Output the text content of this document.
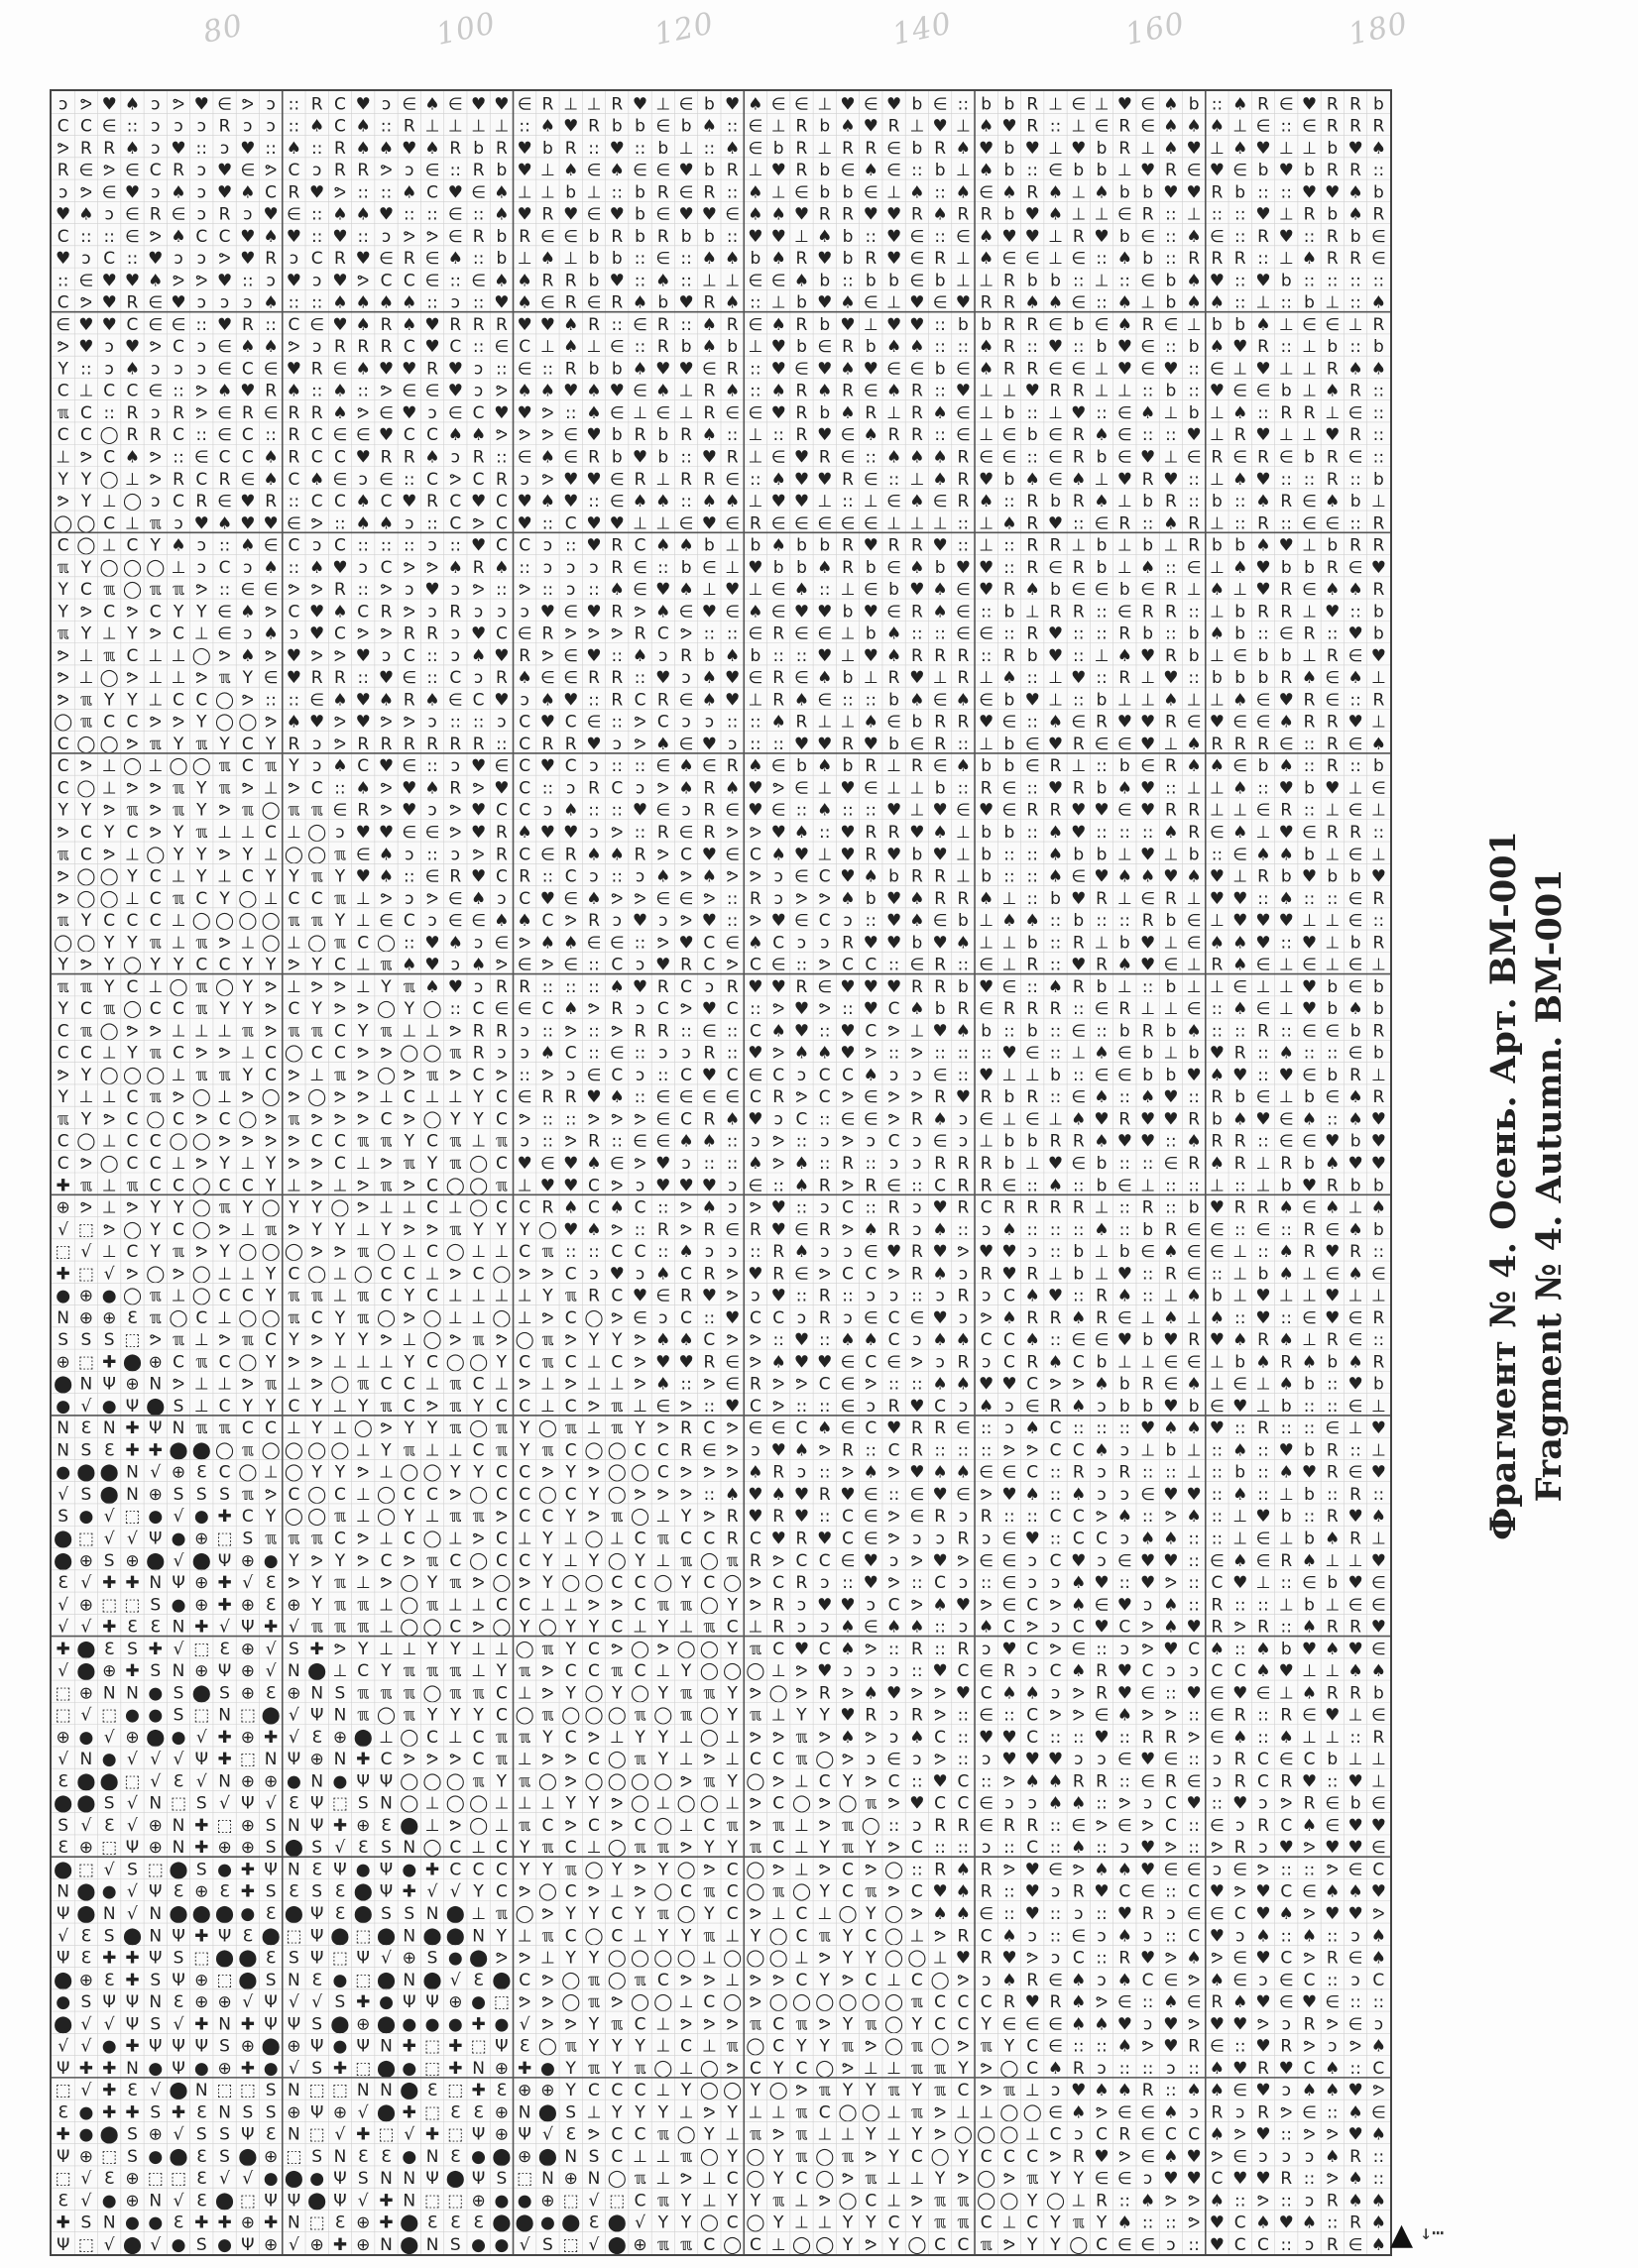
80	100	120	140	160	180
ↄ ᕗ ♥ ♠ ↄ ᕗ ♥ ∈ ᕗ ↄ :: R C ♥ ↄ ∈ ♠ ∈ ♥ ♥ ∈ R ⊥ ⊥ R ♥ ⊥ ∈ b ♥ ♠ ∈ ∈ ⊥ ♥ ∈ ♥ b ∈ :: b b R ⊥ ∈ ⊥ ♥ ∈ ♠ b :: ♠ R ∈ ♥ R R b
C C ∈ :: ↄ ↄ ↄ R ↄ ↄ :: ♠ C ♠ :: R ⊥ ⊥ ⊥ ⊥ :: ♠ ♥ R b b ∈ b ♠ :: ∈ ⊥ R b ♠ ♥ R ⊥ ♥ ⊥ ♠ ♥ R :: ⊥ ∈ R ∈ ♠ ♠ ♠ ⊥ ∈ :: ∈ R R R
ᕗ R R ♠ ↄ ♥ :: ↄ ♥ :: ♠ :: R ♠ ♠ ♥ ♠ R b R ♥ b R :: ♥ :: b ⊥ :: ♠ ∈ b R ⊥ R R ∈ b R ♠ ♥ b ♥ ⊥ ♥ b R ⊥ ♠ ♥ ⊥ ♠ ♥ ⊥ ⊥ b ♥ ♠
R ∈ ᕗ ∈ C R ↄ ♥ ∈ ᕗ C ↄ R R ᕗ ↄ ∈ :: R b ♥ ⊥ ♠ ∈ ♠ ∈ ∈ ♥ b R ⊥ ♥ R b ∈ ♠ ∈ :: b ⊥ ♠ b :: ∈ b b ⊥ ♥ R ∈ ♥ ∈ b ♥ b R R ::
ↄ ᕗ ∈ ♥ ↄ ♠ ↄ ♥ ♠ C R ♥ ᕗ :: :: ♠ C ♥ ∈ ♠ ⊥ ⊥ b ⊥ :: b R ∈ R :: ♠ ⊥ ∈ b b ∈ ⊥ ♠ :: ♠ ∈ ♠ R ♠ ⊥ ♠ b b ♥ ♥ R b :: :: ♥ ♥ ♠ b
♥ ♠ ↄ ∈ R ∈ ↄ R ↄ ♥ ∈ :: ♠ ♠ ♥ :: :: ∈ :: ♠ ♥ R ♥ ∈ ♥ b ∈ ♥ ♥ ∈ ♠ ♠ ♥ R R ♥ ♥ R ♠ R R b ♥ ♠ ⊥ ⊥ ∈ R :: ⊥ :: :: ♥ ⊥ R b ♠ R
C :: :: ∈ ᕗ ♠ C C ♥ ♠ ♥ :: ♥ :: ↄ ᕗ ᕗ ∈ R b R ∈ ∈ b R b R b b :: ♥ ♥ ⊥ ♠ b :: ♥ ∈ :: ∈ ♠ ♥ ♥ ⊥ R ♥ b ∈ :: ♠ ∈ :: R ♥ :: R b ∈
♥ ↄ C :: ♥ ↄ ↄ ᕗ ♥ R ↄ C R ♥ ∈ R ∈ ♠ :: b ⊥ ♠ ⊥ b b :: ∈ :: ♠ ♠ b ♠ R ♥ b R ♥ ∈ R ⊥ ♠ ∈ ∈ ⊥ ∈ :: ♠ b :: R R R :: ⊥ ♠ R R ∈
:: ∈ ♥ ♥ ♠ ᕗ ᕗ ♥ :: ↄ ♥ ↄ ♥ ᕗ C C ∈ :: ∈ ♠ ♠ R R b ♥ :: ♠ :: ⊥ ⊥ ∈ ∈ ♠ b :: b b ∈ b ⊥ ⊥ R b b :: ⊥ :: ∈ b ♠ ♥ :: ♥ b :: :: :: ::
C ᕗ ♥ R ∈ ♥ ↄ ↄ ↄ ♠ :: :: ♠ ♠ ♠ ♠ :: ↄ :: ♥ ♠ ∈ R ∈ R ♠ b ♥ R ♠ :: ⊥ b ♥ ♠ ∈ ⊥ ♥ ∈ ♥ R R ♠ ♠ ∈ :: ♠ ⊥ b ♠ ♠ :: ⊥ :: b ⊥ :: ♠
∈ ♥ ♥ C ∈ ∈ :: ♥ R :: C ∈ ♥ ♠ R ♠ ♥ R R R ♥ ♥ ♠ R :: ∈ R :: ♠ R ∈ ♠ R b ♥ ⊥ ♥ ♥ :: b b R R ∈ b ∈ ♠ R ∈ ⊥ b b ♠ ⊥ ∈ ∈ ⊥ R
ᕗ ♥ ↄ ♥ ᕗ C ↄ ∈ ♠ ♠ ᕗ ↄ R R R C ♥ C :: ∈ C ⊥ ♠ ⊥ ∈ :: R b ♠ b ⊥ ♥ b ∈ R b ♠ ♠ :: :: ♠ R :: ♥ :: b ♥ ∈ :: b ♠ ♥ R :: ⊥ b :: b
Y :: ↄ ♠ ↄ ↄ ↄ ∈ C ∈ ♥ R ∈ ♠ ♥ ♥ R ♥ ↄ :: ∈ :: R b b ♠ ♥ ♥ ∈ R :: ♥ ∈ ♥ ♠ ♥ ∈ ∈ b ∈ ♠ R R ∈ ∈ ⊥ ♥ ∈ ♥ :: ∈ ⊥ ♥ ⊥ ⊥ R ♠ ♠
C ⊥ C C ∈ :: ᕗ ♠ ♥ R ♠ :: ♠ :: ᕗ ∈ ∈ ♥ ↄ ᕗ ♠ ♠ ♥ ♠ ♥ ∈ ♠ ⊥ R ♠ :: ♠ R ♠ R ∈ ♠ R :: ♥ ⊥ ⊥ ♥ R R ⊥ ⊥ :: b :: ♥ ∈ ∈ b ⊥ ♠ R ::
ℼ C :: R ↄ R ᕗ ∈ R ∈ R R ♠ ᕗ ∈ ♥ ↄ ∈ C ♥ ♥ ᕗ :: ♠ ∈ ⊥ ∈ ⊥ R ∈ ∈ ♥ R b ♠ R ⊥ R ♠ ∈ ⊥ b :: ⊥ ♥ :: ∈ ♠ ⊥ b ⊥ ♠ :: R R ⊥ ∈ ::
C C ◯ R R C :: ∈ C :: R C ∈ ∈ ♥ C C ♠ ♠ ᕗ ᕗ ᕗ ∈ ♥ b R b R ♠ :: ⊥ :: R ♥ ∈ ♠ R R :: ∈ ⊥ ∈ b ∈ R ♠ ∈ :: :: ♥ ⊥ R ♥ ⊥ ⊥ ♥ R ::
⊥ ᕗ C ♠ ᕗ :: ∈ C C ♠ R C C ♥ R R ♠ ↄ R :: ∈ ♠ ∈ R b ♥ b :: ♥ R ⊥ ∈ ♥ R ∈ :: ♠ ♠ ♠ R ∈ ∈ :: ∈ R b ∈ ♥ ⊥ ∈ R ∈ R ∈ b R ∈ ::
Y Y ◯ ⊥ ᕗ R C R ∈ ♠ C ♠ ∈ ↄ ∈ :: C ᕗ C R ↄ ᕗ ♥ ♥ ∈ R ⊥ R R ∈ :: ♠ ♥ ♥ R ∈ :: ⊥ ♠ R ♥ b ♠ ∈ ♠ ⊥ ♥ R ♥ :: ⊥ ♠ ♥ :: :: R :: b
ᕗ Y ⊥ ◯ ↄ C R ∈ ♥ R :: C C ♠ C ♥ R C ♥ C ♥ ♠ ♥ :: ∈ ♠ ♠ :: ♠ ♠ ⊥ ♥ ♥ ⊥ :: ⊥ ∈ ♠ ∈ R ♠ :: R b R ♠ ⊥ b R :: b :: ♠ R ∈ ♠ b ⊥
◯ ◯ C ⊥ ℼ ↄ ♥ ♠ ♥ ♥ ∈ ᕗ :: ♠ ♠ ↄ :: C ᕗ C ♥ :: C ♥ ♥ ⊥ ⊥ ∈ ♥ ∈ R ∈ ∈ ∈ ∈ ∈ ⊥ ⊥ ⊥ :: ⊥ ♠ R ♥ :: ∈ R :: ♠ R ⊥ :: R :: ∈ ∈ :: R
C ◯ ⊥ C Y ♠ ↄ :: ♠ ∈ C ↄ C :: :: :: ↄ :: ♥ C C ↄ :: ♥ R C ♠ ♠ b ⊥ b ♠ b b R ♥ R R ♥ :: ⊥ :: R R ⊥ b ⊥ b ⊥ R b b ♠ ♥ ⊥ b R R
ℼ Y ◯ ◯ ◯ ⊥ ↄ C ↄ ♠ :: ♠ ♥ ↄ C ᕗ ᕗ ♠ R ♠ :: ↄ ↄ ↄ R ∈ :: b ∈ ⊥ ♥ b b ♠ R b ∈ ♠ b ♥ ♥ :: R ∈ R b ⊥ ♠ :: ∈ ⊥ ♠ ♥ b b R ∈ ♥
Y C ℼ ◯ ℼ ℼ ᕗ :: ∈ ∈ ᕗ ᕗ R :: ᕗ ↄ ♥ ↄ ᕗ :: ᕗ :: ↄ :: ♠ ∈ ♥ ♠ ⊥ ♥ ⊥ ∈ ♠ :: ⊥ ∈ b ♥ ♠ ∈ ♥ R ♠ b ∈ ∈ b ∈ R ⊥ ♠ ⊥ ♥ R ∈ ♠ ♠ R
Y ᕗ C ᕗ C Y Y ∈ ♠ ᕗ C ♥ ♠ C R ᕗ ↄ R ↄ ↄ ↄ ♥ ∈ ♥ R ᕗ ♠ ∈ ♥ ∈ ♠ ∈ ♥ ♥ b ♥ ∈ R ♠ ∈ :: b ⊥ R R :: ∈ R R :: ⊥ b R R ⊥ ♥ :: b
ℼ Y ⊥ Y ᕗ C ⊥ ∈ ↄ ♠ ↄ ♥ C ᕗ ᕗ R R ↄ ♥ C ∈ R ᕗ ᕗ ᕗ R C ᕗ :: :: ∈ R ∈ ∈ ⊥ b ♠ :: :: ∈ ∈ :: R ♥ :: :: R b :: b ♠ b :: ∈ R :: ♥ b
ᕗ ⊥ ℼ C ⊥ ⊥ ◯ ᕗ ♠ ᕗ ♥ ᕗ ᕗ ♥ ↄ C :: ↄ ♠ ♥ R ᕗ ∈ ♥ :: ♠ ↄ R b ♠ b :: :: ♥ ⊥ ♥ ♠ R R R :: R b ♥ :: ⊥ ♠ ♥ R b ⊥ ∈ b b ⊥ R ∈ ♥
ᕗ ⊥ ◯ ᕗ ⊥ ⊥ ᕗ ℼ Y ∈ ♥ R R :: ♥ ∈ :: C ↄ R ♠ ∈ ∈ R R :: ♥ ↄ ♠ ♥ ∈ R ∈ ♠ b ⊥ R ♥ ⊥ R ⊥ ♠ :: ⊥ ♥ :: R ⊥ ♥ :: b b b R ♠ ∈ ♠ ⊥
ᕗ ℼ Y Y ⊥ C C ◯ ᕗ :: :: ∈ ♠ ♥ ♠ R ♠ ∈ C ♥ ↄ ♠ ♥ :: R C R ∈ ♠ ♥ ⊥ R ♠ ∈ :: :: b ♠ ∈ ♠ ∈ b ♥ ⊥ :: b ⊥ ⊥ ♠ ⊥ ⊥ ♠ ∈ ♥ R ∈ :: R
◯ ℼ C C ᕗ ᕗ Y ◯ ◯ ᕗ ♠ ♥ ᕗ ♥ ᕗ ᕗ ↄ :: :: ↄ C ♥ C ∈ :: ᕗ C ↄ ↄ :: :: ♠ R ⊥ ⊥ ♠ ∈ b R R ♥ ∈ :: ♠ ∈ R ♥ ♥ R ∈ ♥ ∈ ∈ ♠ R R ♥ ⊥
C ◯ ◯ ᕗ ℼ Y ℼ Y C Y R ↄ ᕗ R R R R R R :: C R R ♥ ↄ ᕗ ♠ ∈ ♥ ↄ :: :: ♥ ♥ R ♥ b ∈ R :: ⊥ b ∈ ♥ R ∈ ∈ ♥ ⊥ ♠ R R R ∈ :: R ∈ ♠
C ᕗ ⊥ ◯ ⊥ ◯ ◯ ℼ C ℼ Y ↄ ♠ C ♥ ∈ :: ↄ ♥ ∈ C ♥ C ↄ :: :: ∈ ♠ ∈ R ♠ ∈ b ♠ b R ⊥ R ∈ ♠ b b ∈ R ⊥ :: b ∈ R ♠ ♠ ∈ b ♠ :: R :: b
C ◯ ⊥ ᕗ ᕗ ℼ Y ℼ ᕗ ⊥ ᕗ C :: ♠ ᕗ ♥ ♠ R ᕗ ♥ C :: ↄ R C ↄ ᕗ ♠ R ♠ ♥ ᕗ ∈ ⊥ ♥ ∈ ⊥ ⊥ b :: R ∈ :: ♥ R b ♠ ♥ :: ⊥ ⊥ ♠ :: ♥ b ♥ ⊥ ∈
Y Y ᕗ ℼ ᕗ ℼ Y ᕗ ℼ ◯ ℼ ℼ ∈ R ᕗ ♥ ↄ ᕗ ♥ C C ↄ ♠ :: :: ♥ ∈ ↄ R ∈ ♥ ∈ :: ♠ :: :: ♥ ⊥ ♥ ∈ ♥ ∈ R R ♥ ♥ ∈ ♥ R R ⊥ ⊥ ∈ R :: ⊥ ∈ ⊥
ᕗ C Y C ᕗ Y ℼ ⊥ ⊥ C ⊥ ◯ ↄ ♥ ♥ ∈ ∈ ᕗ ♥ R ♠ ♥ ♥ ↄ ᕗ :: R ∈ R ᕗ ᕗ ♥ ♠ :: ♥ R R ♥ ♠ ⊥ b b :: ♠ ♥ :: :: :: ♠ R ∈ ♠ ⊥ ♥ ∈ R R ::
ℼ C ᕗ ⊥ ◯ Y Y ᕗ Y ⊥ ◯ ◯ ℼ ∈ ♠ ↄ :: ↄ ᕗ R C ∈ R ♠ ♠ R ᕗ C ♥ ∈ C ♠ ♥ ⊥ ♥ R ♥ b ♥ ⊥ b :: :: ♠ b b ⊥ ♥ ⊥ b :: ∈ ♠ ♠ b ⊥ ∈ ⊥
ᕗ ◯ ◯ Y C ⊥ Y ⊥ C Y Y ℼ Y ♥ ♠ :: ∈ R ♥ C R :: C ↄ :: ↄ ♠ ᕗ ♠ ᕗ ᕗ ↄ ∈ C ♥ ♠ b R R ⊥ b :: :: ♠ ∈ ♥ ♠ ♠ ♥ ♠ ♥ ⊥ R b ♥ b b ♥
ᕗ ◯ ◯ ⊥ C ℼ C Y ◯ ⊥ C C ℼ ⊥ ᕗ ↄ ᕗ ∈ ♠ ↄ C ♥ ∈ ♠ ᕗ ᕗ ∈ ∈ ᕗ :: R ↄ ᕗ ᕗ ♠ b ♥ ♠ R R ♠ ⊥ :: b ♥ R ⊥ ∈ R ⊥ ♥ ♥ :: ♠ :: :: ∈ R
ℼ Y C C C ⊥ ◯ ◯ ◯ ◯ ℼ ℼ Y ⊥ ∈ C ↄ ∈ ∈ ♠ ♠ C ᕗ R ↄ ♥ ↄ ᕗ ♥ :: ᕗ ♥ ∈ C ↄ :: ♥ ♠ ∈ b ⊥ ♠ ♠ :: b :: :: R b ∈ ⊥ ♥ ♥ ♥ ⊥ ⊥ ∈ ::
◯ ◯ Y Y ℼ ⊥ ℼ ᕗ ⊥ ◯ ⊥ ◯ ℼ C ◯ :: ♥ ♠ ↄ ∈ ᕗ ♠ ♠ ∈ ∈ :: ᕗ ♥ C ∈ ♠ C ↄ ↄ R ♥ ♥ b ♥ ♠ ⊥ ⊥ b :: R ⊥ b ♥ ⊥ ∈ ♠ ♠ ♥ :: ♥ ⊥ b R
Y ᕗ Y ◯ Y Y C C Y Y ᕗ Y C ⊥ ℼ ♠ ♥ ↄ ♠ ᕗ ∈ ᕗ ∈ :: C ↄ ♥ R C ᕗ C ∈ :: ᕗ C C :: ∈ R :: ∈ ⊥ R :: ♥ R ♠ ♥ ∈ ⊥ R ♠ ∈ ⊥ ∈ ⊥ ∈ ⊥
ℼ ℼ Y C ⊥ ◯ ℼ ◯ Y ᕗ ⊥ ᕗ ᕗ ⊥ Y ℼ ♠ ♥ ↄ R R :: :: :: ♠ ♥ R C ↄ R ♥ ♥ R ∈ ♥ ♥ ♥ R R b ♥ ∈ :: ♠ R b ⊥ :: b ⊥ ⊥ ∈ ⊥ ⊥ ♥ b ∈ b
Y C ℼ ◯ C C ℼ Y Y ᕗ C Y ᕗ ᕗ ◯ Y ◯ :: C ∈ ∈ C ♠ ᕗ R ↄ C ᕗ ♥ C :: ᕗ ♥ ᕗ :: ♥ C ♠ b R ∈ R R R :: ∈ R ⊥ ⊥ ∈ :: ♠ ∈ ⊥ ♥ b ♠ b
C ℼ ◯ ᕗ ᕗ ⊥ ⊥ ⊥ ℼ ᕗ ℼ ℼ C Y ℼ ⊥ ⊥ ᕗ R R ↄ :: ᕗ :: ᕗ R R :: ∈ :: C ♠ ♥ :: ♥ C ᕗ ⊥ ♥ ♠ b :: b :: ∈ :: b R b ♠ :: :: R :: ∈ ∈ b R
C C ⊥ Y ℼ C ᕗ ᕗ ⊥ C ◯ C C ᕗ ᕗ ◯ ◯ ℼ R ↄ ↄ ♠ C :: ∈ :: ↄ ↄ R :: ♥ ᕗ ♠ ♠ ♥ ᕗ :: ᕗ :: :: :: ♥ ∈ :: ⊥ ♠ ∈ b ⊥ b ♥ R :: ♠ :: :: ∈ b
ᕗ Y ◯ ◯ ◯ ⊥ ℼ ℼ Y C ᕗ ⊥ ℼ ᕗ ◯ ᕗ ℼ ᕗ C ᕗ :: ᕗ ↄ ∈ C ↄ :: C ♥ C ∈ C ↄ C C ♠ ↄ ↄ ∈ :: ♥ ⊥ ⊥ b :: ∈ ∈ b b ♥ ♠ ♥ :: ♥ ∈ b R ⊥
Y ⊥ ⊥ C ℼ ᕗ ◯ ⊥ ᕗ ◯ ᕗ ◯ ᕗ ᕗ ⊥ C ⊥ ⊥ Y C ∈ R R ♥ ♠ :: ∈ ∈ ∈ ∈ C R ᕗ C ᕗ ∈ ᕗ ᕗ R ♥ R b R :: ∈ ♠ :: ♠ ♥ :: R b ∈ ⊥ b ∈ ♠ R
ℼ Y ᕗ C ◯ C ᕗ C ◯ ᕗ ℼ ᕗ ᕗ ᕗ C ᕗ ◯ Y Y C ᕗ :: :: ᕗ ᕗ ᕗ ∈ C R ♠ ♥ ↄ C :: ∈ ∈ ᕗ R ♠ ↄ ∈ ⊥ ∈ ⊥ ♠ ♥ R ♥ ♥ R b ♠ ♥ ∈ ♠ :: ♠ ♥
C ◯ ⊥ C C ◯ ◯ ᕗ ᕗ ᕗ ᕗ C C ℼ ℼ Y C ℼ ⊥ ℼ ↄ :: ᕗ R :: ∈ ∈ ♠ ♠ :: ↄ ᕗ :: ↄ ᕗ ↄ C ↄ ∈ ↄ ⊥ b b R R ♠ ♥ ♥ :: ♠ R R :: ∈ ∈ ♥ b ♥
C ᕗ ◯ C C ⊥ ᕗ Y ⊥ Y ᕗ ᕗ C ⊥ ᕗ ℼ Y ℼ ◯ C ♥ ∈ ♥ ♠ ∈ ᕗ ♥ ↄ :: :: ♠ ᕗ ♠ :: R :: ↄ ↄ R R R b ⊥ ♥ ∈ b :: :: ∈ R ♠ R ⊥ R b ♠ ♥ ♥
✚ ℼ ⊥ ℼ C C ◯ C C Y ⊥ ᕗ ⊥ ᕗ ℼ ᕗ C ◯ ◯ ℼ ⊥ ♥ ♥ C ᕗ ↄ ♥ ♥ ♥ ↄ ∈ :: ♠ R ᕗ R ∈ :: C R R ∈ :: ♠ :: b ∈ ⊥ :: :: ⊥ :: ⊥ b ♥ R b b
⊕ ᕗ ⊥ ᕗ Y Y ◯ ℼ Y ◯ Y Y ◯ ᕗ ⊥ ⊥ C ⊥ ◯ C C R ♠ C ♠ C :: ᕗ ♠ ↄ ᕗ ♥ :: ↄ C :: R ↄ ♥ R C R R R R ⊥ :: R :: b ♥ R R ♠ ∈ ♠ ⊥ ♠
√ ⬚ ᕗ ◯ Y C ◯ ᕗ ⊥ ℼ ᕗ Y Y ⊥ Y ᕗ ᕗ ℼ Y Y Y ◯ ♥ ♠ ᕗ :: R ᕗ R ∈ R ♥ ∈ R ᕗ ♠ R ↄ ♠ :: ↄ ♠ :: :: :: ♠ :: b R ∈ ∈ :: ∈ :: R ∈ ♠ b
⬚ √ ⊥ C Y ℼ ᕗ Y ◯ ◯ ◯ ᕗ ᕗ ℼ ◯ ⊥ C ◯ ⊥ ⊥ C ℼ :: :: C C :: ♠ ↄ ↄ :: R ♠ ↄ ↄ ∈ ♥ R ♥ ᕗ ♥ ♥ ↄ :: b ⊥ b ∈ ♠ ∈ ∈ ⊥ :: ♠ R ♥ R ::
✚ ⬚ √ ᕗ ◯ ᕗ ◯ ⊥ ⊥ Y C ◯ ⊥ ◯ C C ⊥ ᕗ C ◯ ᕗ ᕗ C ↄ ♥ ↄ ♠ C R ᕗ ♥ R ∈ ᕗ C C ᕗ R ♠ ↄ R ♥ R ⊥ b ⊥ ♥ :: R ∈ :: ⊥ b ♠ ⊥ ∈ ♠ ∈
● ⊕ ● ◯ ℼ ⊥ ◯ C C Y ℼ ℼ ⊥ ℼ C Y C ⊥ ⊥ ⊥ ⊥ Y ℼ R C ♥ ∈ R ♥ ᕗ ↄ ♥ :: R :: ↄ ↄ :: ↄ R ↄ C ♠ ♥ :: R ♠ :: ⊥ ♠ b ⊥ ♥ ⊥ ⊥ ♥ ⊥ ⊥
N ⊕ ⊕ Ɛ ℼ ◯ C ⊥ ◯ ◯ ℼ C Y ℼ ◯ ᕗ ◯ ⊥ ⊥ ◯ ⊥ ᕗ C ◯ ᕗ ∈ ↄ C :: ♥ C C ↄ R ↄ ∈ C ∈ ♥ ↄ ᕗ ♠ R R ♠ R ∈ ⊥ ♠ ⊥ ♠ :: ♥ :: ∈ ♥ ∈ R
S S S ⬚ ᕗ ℼ ⊥ ᕗ ℼ C Y ᕗ Y Y ᕗ ⊥ ◯ ᕗ ℼ ᕗ ◯ ℼ ᕗ Y Y ᕗ ♠ ♠ C ᕗ ᕗ :: ♥ :: ♠ ♠ C ↄ ♠ ♠ C C ♠ :: ∈ ∈ ♥ b ♥ R ♥ ♠ R ♠ ⊥ R ∈ ::
⊕ ⬚ ✚ ⬤ ⊕ C ℼ C ◯ Y ᕗ ᕗ ⊥ ⊥ ⊥ Y C ◯ ◯ Y C ℼ C ⊥ C ᕗ ♥ ♥ R ∈ ᕗ ♠ ♥ ♥ ∈ C ∈ ᕗ ↄ R ↄ C R ♠ C b ⊥ ⊥ ∈ ∈ ⊥ b ♠ R ♠ b ♠ R
⬤ N Ψ ⊕ N ᕗ ⊥ ⊥ ᕗ ℼ ⊥ ᕗ ◯ ℼ C C ⊥ ℼ C ⊥ ᕗ ⊥ ᕗ ⊥ ⊥ ᕗ ♠ :: ᕗ ∈ R ᕗ ᕗ C ∈ ᕗ :: :: ♠ ♠ ♥ ♥ C ᕗ ᕗ ♠ b R ∈ ♠ ⊥ ∈ ⊥ ♠ b :: ♥ b
● √ ● Ψ ⬤ S ⊥ C Y Y C Y ⊥ Y ℼ C ᕗ ℼ Y C C ⊥ C ᕗ ℼ ⊥ ∈ ᕗ :: ♥ C ᕗ :: :: ∈ ↄ R ♥ C ↄ ♠ ↄ ∈ R ♠ ↄ b b ♥ b ∈ ♥ ⊥ b :: :: ∈ ⊥
N Ɛ N ✚ Ψ N ℼ ℼ C C ⊥ Y ⊥ ◯ ᕗ Y Y ℼ ◯ ℼ Y ◯ ℼ ⊥ ℼ Y ᕗ R C ᕗ ∈ ∈ C ♠ ∈ C ♥ R R ∈ :: ↄ ♠ C :: :: :: ♥ ♠ ♠ ♥ :: R :: :: ∈ ⊥ ♥
N S Ɛ ✚ ✚ ⬤ ⬤ ◯ ℼ ◯ ◯ ◯ ◯ ⊥ Y ℼ ⊥ ⊥ C ℼ Y ℼ C ◯ ◯ C C R ∈ ᕗ ↄ ♥ ♠ ᕗ R :: C R :: :: :: ᕗ ᕗ C C ♠ ↄ ⊥ b ⊥ :: ♠ :: ♥ b R :: ⊥
● ⬤ ⬤ N √ ⊕ Ɛ C ◯ ⊥ ◯ Y Y ᕗ ⊥ ◯ ◯ Y Y C C ᕗ Y ᕗ ◯ ◯ C ᕗ ᕗ ᕗ ♠ R ↄ :: ᕗ ♠ ᕗ ♥ ♠ ♠ ∈ ∈ C :: R ↄ R :: :: ⊥ :: b :: ♠ ♥ R ∈ ♥
√ S ⬤ N ⊕ S S S ℼ ᕗ C ◯ C ⊥ ◯ C C ᕗ ◯ C C ◯ C Y ◯ ᕗ ᕗ ᕗ :: ♠ ♥ ♠ ♥ R ♥ ∈ :: ∈ ♥ ∈ ᕗ ♥ ♠ :: ♠ ↄ ↄ ∈ ♥ ♥ :: ♠ :: ⊥ b :: R ::
S ● √ ⬚ ● √ ● ✚ C Y ◯ ◯ ℼ ⊥ ◯ Y ⊥ ℼ ℼ ᕗ C C Y ᕗ ℼ ◯ ⊥ Y ᕗ R ♥ R ♥ :: C ∈ ᕗ ∈ R ↄ R :: :: C C ᕗ ♠ :: ᕗ ♠ :: ⊥ ♥ b :: R ♥ ♠
⬤ ⬚ √ √ Ψ ● ⊕ ⬚ S ℼ ℼ ℼ C ᕗ ⊥ C ◯ ⊥ ᕗ C ⊥ Y ⊥ ◯ ⊥ C ℼ C C R C ♥ R ♥ C ∈ ᕗ ↄ ↄ R ↄ ∈ ♥ :: C C ↄ ♠ ♠ :: :: ⊥ ∈ ⊥ b ♠ R ⊥
⬤ ⊕ S ⊕ ⬤ √ ⬤ Ψ ⊕ ● Y ᕗ Y ᕗ C ᕗ ℼ C ◯ C C Y ⊥ Y ◯ Y ⊥ ℼ ◯ ℼ R ᕗ C C ∈ ♥ ↄ ᕗ ♥ ᕗ ∈ ∈ ↄ C ♥ ↄ ∈ ♥ ♥ :: ∈ ♠ ∈ R ♠ ⊥ ⊥ ♥
Ɛ √ ✚ ✚ N Ψ ⊕ ✚ √ Ɛ ᕗ Y ℼ ⊥ ᕗ ◯ Y ℼ ᕗ ◯ ᕗ Y ◯ ◯ C C ◯ Y C ◯ ᕗ C R ↄ :: ♥ ᕗ :: C ↄ :: ∈ ↄ ↄ ♠ ♥ :: ♥ ᕗ :: C ♥ ⊥ :: ∈ b ♥ ∈
√ ⊕ ⬚ ⬚ S ● ⊕ ✚ ⊕ Ɛ ⊕ Y ℼ ℼ ⊥ ◯ ℼ ⊥ ⊥ C C ⊥ ⊥ ᕗ ᕗ C ℼ ℼ ◯ Y ᕗ R ↄ ♥ ♥ ↄ C ᕗ ♠ ♥ ᕗ ∈ C ᕗ ♠ ∈ ♥ ↄ ♠ :: R :: :: ⊥ b ⊥ ∈ ∈
√ √ ✚ Ɛ Ɛ N ✚ √ Ψ ✚ √ ℼ ℼ ℼ ⊥ ◯ ◯ C ᕗ ◯ Y ◯ Y Y C ⊥ Y ⊥ ℼ C ⊥ R ↄ ↄ ♠ ∈ ♠ ♠ :: ↄ ♠ C ᕗ ↄ C ♥ C ᕗ ♠ ♥ R ᕗ R :: ♠ R R ♥
✚ ⬤ Ɛ S ✚ √ ⬚ Ɛ ⊕ √ S ✚ ᕗ Y ⊥ ⊥ Y Y ⊥ ⊥ ◯ ℼ Y C ᕗ ◯ ᕗ ◯ ◯ Y ℼ C ♥ C ♠ ᕗ :: R :: R ↄ ♥ C ᕗ ∈ :: ↄ ᕗ ♥ C ♠ :: ♠ b ♥ ♠ ♥ ∈
√ ⬤ ⊕ ✚ S N ⊕ Ψ ⊕ √ N ⬤ ⊥ C Y ℼ ℼ ℼ ⊥ Y ℼ ᕗ C C ℼ C ⊥ Y ◯ ◯ ◯ ⊥ ᕗ ♥ ↄ ↄ ↄ :: ♥ C ∈ R ↄ C ♠ R ♥ C ↄ ↄ C C ♠ ♥ ⊥ ⊥ ♠ ♠
⬚ ⊕ N N ● S ⬤ S ⊕ Ɛ ⊕ N S ℼ ℼ ℼ ◯ ℼ ℼ C ⊥ ᕗ Y ◯ Y ◯ Y ℼ ℼ Y ᕗ ◯ ᕗ R ᕗ ♠ ♥ ᕗ ᕗ ♥ C ♠ ♠ ↄ ᕗ R ♥ ∈ :: ♥ ∈ ♥ ∈ ⊥ ♠ R R b
⬚ √ ⬚ ● ● S ⬚ N ⬚ ⬤ √ Ψ N ℼ ◯ ℼ Y Y Y C ◯ ℼ ◯ ◯ ◯ ℼ ◯ ℼ ◯ Y ℼ ⊥ Y Y ♥ R ↄ R ᕗ :: ∈ :: C ᕗ ᕗ ∈ ♠ ᕗ ᕗ :: ∈ R :: R ∈ ♥ ⊥ ∈
⊕ ● √ ⊕ ⬤ ● √ ✚ ⊕ ✚ √ Ɛ ⊕ ⬤ ⊥ ◯ C ⊥ C ℼ ℼ Y C ᕗ ⊥ Y Y ⊥ ◯ ⊥ ᕗ ᕗ ℼ ᕗ ♠ ᕗ ↄ ♠ C :: ♥ ♥ C :: :: ♥ :: R R ᕗ ∈ ♠ :: ♠ ⊥ ⊥ :: R
√ N ● √ √ √ Ψ ✚ ⬚ N Ψ ⊕ N ✚ C ᕗ ᕗ ᕗ C ℼ ⊥ ᕗ ᕗ C ◯ ℼ Y ⊥ ᕗ ⊥ C C ℼ ◯ ᕗ ↄ ∈ ↄ ᕗ :: ↄ ♥ ♥ ♥ ↄ ↄ ∈ ♥ ∈ :: ↄ R C ∈ C b ⊥ ⊥
Ɛ ⬤ ⬤ ⬚ √ Ɛ √ N ⊕ ⊕ ● N ● Ψ Ψ ◯ ◯ ◯ ℼ Y ℼ ◯ ᕗ ◯ ◯ ◯ ◯ ᕗ ℼ Y ◯ ᕗ ⊥ C Y ᕗ C :: ♥ C :: ᕗ ♠ ♠ R R :: ∈ R ∈ ↄ R C R ♥ :: ♥ ⊥
⬤ ⬤ S √ N ⬚ S √ Ψ √ Ɛ Ψ ⬚ S N ◯ ⊥ ◯ ◯ ⊥ ⊥ ⊥ Y Y ᕗ ◯ ⊥ ◯ ◯ ⊥ ᕗ C ◯ ᕗ ◯ ℼ ᕗ ♥ C C ∈ ↄ ↄ ♠ ♠ :: ᕗ ↄ C ♥ :: ♥ ↄ ᕗ R ∈ b ∈
S √ Ɛ √ ⊕ N ✚ ⬚ ⊕ S N Ψ ✚ ⊕ Ɛ ⬤ ⊥ ᕗ ◯ ⊥ ℼ C ᕗ C ᕗ C ◯ ⊥ C ℼ ᕗ ℼ ⊥ ᕗ ℼ ◯ :: ↄ R R ∈ R R :: ∈ ᕗ ∈ ᕗ C :: ∈ ↄ R C ♠ ∈ ♥ ♥
Ɛ ⊕ ⬚ Ψ ⊕ N ✚ ⊕ ⊕ S ⬤ S √ Ɛ S N ◯ C ⊥ C Y ℼ C ⊥ ◯ ℼ ℼ ᕗ Y Y ℼ C ⊥ Y ℼ Y ᕗ C :: :: ↄ :: C :: ♠ :: ↄ ♥ ᕗ :: ᕗ R ↄ ♥ ᕗ ♥ ♥ ∈
⬤ ⬚ √ S ⬚ ⬤ S ● ✚ Ψ N Ɛ Ψ ● Ψ ● ✚ C C C Y Y ℼ ◯ Y ᕗ Y ◯ ᕗ C ◯ ᕗ ⊥ ᕗ C ᕗ ◯ :: R ♠ R ᕗ ♥ ∈ ᕗ ♠ ♠ ♥ ∈ ∈ ↄ ∈ ᕗ :: :: ᕗ ∈ C
N ⬤ ● √ Ψ Ɛ ⊕ Ɛ ✚ S Ɛ S Ɛ ⬤ Ψ ✚ √ √ Y C ᕗ ◯ C ᕗ ⊥ ᕗ ◯ C ℼ C ◯ ℼ ◯ Y C ℼ ᕗ C ♥ ♠ R :: ♥ ↄ R ♥ C ∈ :: C ♥ ᕗ ♥ C ∈ ♠ ♠ ♥
Ψ ⬤ N √ N ⬤ ⬤ ⬤ ● Ɛ ⬤ Ψ Ɛ ⬤ S S N ⬤ ⊥ ℼ ◯ ᕗ Y Y C Y ℼ ◯ Y C ᕗ ⊥ C ⊥ ◯ Y ◯ ᕗ ♠ ♠ ∈ :: ♥ :: ↄ :: ♥ R ↄ ∈ ∈ C ♥ ♠ ᕗ ♥ ♥ ᕗ
√ Ɛ S ⬤ N Ψ ✚ Ψ Ɛ ⬤ ⬚ Ψ ⬤ ⬚ ⬤ N ⬤ ⬤ N Y ⊥ ℼ C ◯ C ⊥ Y Y ℼ ⊥ Y ◯ C ℼ Y C ◯ ⊥ ᕗ R C ♠ ↄ :: ∈ ↄ ♠ ↄ :: C ♥ ↄ ♠ :: ♠ :: ↄ ♠
Ψ Ɛ ✚ ✚ Ψ S ⬚ ⬤ ⬤ Ɛ S Ψ ⬚ Ψ √ ⊕ S ● ⬤ ᕗ ᕗ ⊥ Y Y ◯ ◯ ◯ ◯ ⊥ ◯ ◯ ◯ ⊥ ᕗ Y Y ◯ ◯ ⊥ ♥ R ♥ ᕗ ↄ C :: R ♥ ᕗ ♠ ᕗ ∈ ♥ C ᕗ R ∈ ♠
⬤ ⊕ Ɛ ✚ S Ψ ⊕ ⬚ ⬤ S N Ɛ ● ⬚ ⬤ N ⬤ √ Ɛ ⬤ C ᕗ ◯ ℼ ◯ ℼ C ᕗ ᕗ ⊥ ᕗ ᕗ C Y ᕗ C ⊥ C ◯ ᕗ ↄ ♠ R ∈ ♠ ↄ ♠ C ∈ ᕗ ♠ ∈ ↄ ∈ C :: ↄ C
● S Ψ Ψ N Ɛ ⊕ ⊕ √ Ψ √ √ S ✚ ● Ψ Ψ ⊕ ● ⬚ ᕗ ᕗ ◯ ℼ ᕗ ◯ ◯ ⊥ C ◯ ᕗ ◯ ◯ ◯ ◯ ◯ ◯ ℼ C C C R ♥ R ♠ ᕗ ∈ :: ♠ ∈ R ♠ ♥ ∈ ♥ ∈ :: ::
⬤ √ √ Ψ S √ ✚ N ✚ Ψ Ψ S ⬤ ⊕ ⬤ ● ● ● ✚ ● √ ᕗ ᕗ Y ℼ C ⊥ ᕗ ᕗ ᕗ ℼ C ℼ ᕗ Y ℼ ◯ Y C C Y ∈ ∈ ∈ ♠ ♠ ♥ ↄ ♥ ᕗ ♥ ♥ ᕗ ↄ R ᕗ ∈ ↄ
√ √ ● ✚ Ψ Ψ Ψ S ⊕ ⬤ ⊕ Ψ ● Ψ N ✚ ⬚ ✚ ⬚ Ψ Ɛ ◯ ℼ Y Y Y ⊥ C ⊥ ℼ ◯ C Y Y ℼ ᕗ ◯ ℼ ◯ ᕗ ℼ Y C ∈ :: :: ♠ ᕗ ♥ R ∈ :: ♥ R ᕗ ↄ ᕗ ♠
Ψ ✚ ✚ N ● Ψ ● ⊕ ✚ ● √ S ✚ ⬚ ⬤ ● ⬚ ✚ N ⊕ ✚ ● Y ℼ Y ℼ ◯ ⊥ ◯ ᕗ C Y C ◯ ᕗ ⊥ ⊥ ℼ ℼ Y ᕗ ◯ C ♠ R ↄ :: :: ↄ :: ♠ ♥ R ♥ C ♠ :: C
⬚ √ ✚ Ɛ √ ⬤ N ⬚ ⬚ S N ⬚ ⬚ N N ⬤ Ɛ ⬚ ✚ Ɛ ⊕ ⊕ Y C C C ⊥ Y ◯ ◯ Y ◯ ᕗ ℼ Y Y ℼ Y ℼ C ᕗ ℼ ⊥ ↄ ♥ ♠ ♠ R :: ♠ ♠ ∈ ♥ ↄ ♠ ♠ ♥ ᕗ
Ɛ ● ✚ ✚ S ✚ Ɛ N S S ⊕ Ψ ⊕ √ ⬤ ✚ ⬚ Ɛ Ɛ ⊕ N ⬤ S ⊥ Y Y Y ⊥ ᕗ Y ⊥ ⊥ ℼ C ◯ ◯ ⊥ ℼ ᕗ ⊥ ⊥ ◯ ◯ ∈ ♠ ᕗ ∈ ∈ ♠ ↄ R ↄ R ᕗ ∈ :: ♠ ∈
✚ ● ⬤ S ⊕ √ S S Ψ Ɛ N ⬚ √ ✚ ⬚ √ ✚ ⬚ Ψ ⊕ Ψ √ Ɛ ᕗ C C ℼ ◯ Y ⊥ ℼ ᕗ ℼ ⊥ ⊥ Y ⊥ Y ᕗ ◯ ◯ ◯ ⊥ C ↄ C R ∈ C C ♠ ᕗ ♥ :: ᕗ ᕗ ♥ ♠
Ψ ⊕ ⬚ S ● ⬤ Ɛ S ⬤ ⊕ ⬚ S N Ɛ Ɛ ● N Ɛ ● ⬤ ⊕ ⬤ N S C ⊥ ⊥ ℼ ◯ Y ◯ Y ℼ ◯ ℼ ᕗ Y C ◯ Y C C C ᕗ R ♥ ᕗ ∈ ♠ ♥ ᕗ ∈ ↄ ↄ ↄ ♠ R ::
⬚ √ Ɛ ⊕ ⬚ ⬚ Ɛ √ √ ● ⬤ ● Ψ S N N Ψ ⬤ Ψ S ⬚ N ⊕ N ◯ ℼ ⊥ ᕗ ⊥ C ◯ Y C ◯ ᕗ ℼ ⊥ ⊥ Y ᕗ ◯ ᕗ ℼ Y Y ∈ ∈ ↄ ♥ ♥ C ♥ ♥ R :: ᕗ ♠ ::
Ɛ √ ● ⊕ N √ Ɛ ⬤ ⬚ Ψ Ψ ⬤ Ψ √ ✚ N ⬚ ⬚ ⊕ ● ● ⊕ ⬚ √ ⬚ C ℼ Y ⊥ Y Y ℼ ⊥ ᕗ ◯ C ⊥ ᕗ ℼ ℼ ◯ ◯ Y ◯ ⊥ R :: ♠ ᕗ ᕗ ♠ :: ᕗ :: ↄ R ♠ ♠
✚ S N ● ● Ɛ ✚ ✚ ⊕ ✚ N ⬚ Ɛ ⊕ ✚ ⬤ Ɛ Ɛ Ɛ ⬤ ⬤ ● ⬤ Ɛ ⬤ √ Y Y ◯ C ◯ Y ⊥ ⊥ Y Y C Y ℼ ℼ C ⊥ C Y ℼ Y ♠ :: :: ᕗ ♥ C ♠ ♥ ♠ :: R ♠
Ψ ⬚ √ ⬤ √ ● S ● Ψ ⊕ √ ⊕ ✚ ⊕ N ⬤ N S ● ● √ S ⬚ √ ⬤ ⊕ ℼ ℼ C ◯ C ⊥ ◯ ◯ Y ᕗ Y ◯ C C ℼ ᕗ Y Y ◯ C ∈ ∈ ↄ :: ♥ C C :: ↄ R ∈ ♠
Фрагмент № 4. Осень. Арт. ВМ-001 Fragment № 4. Autumn. BM-001
▲ ↓⋯
